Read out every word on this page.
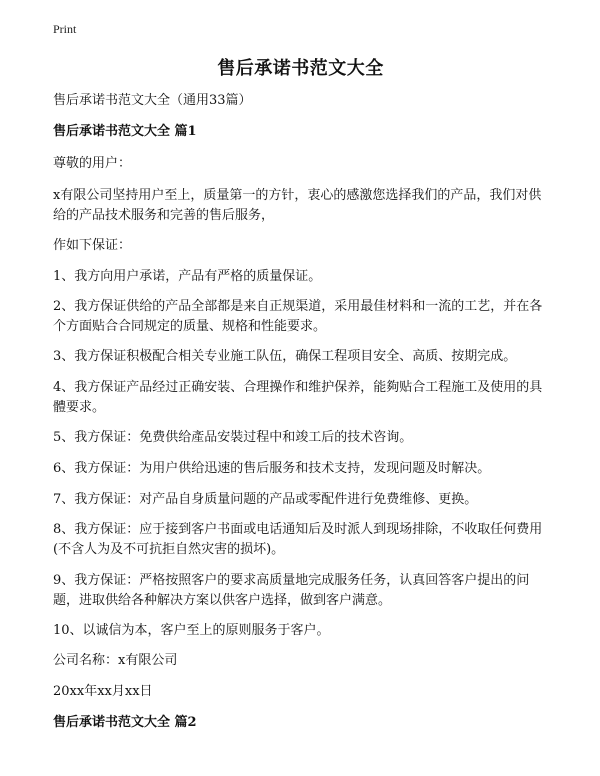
Print
售后承诺书范文大全
售后承诺书范文大全（通用33篇）
售后承诺书范文大全 篇1
尊敬的用户：
x有限公司坚持用户至上，质量第一的方针，衷心的感激您选择我们的产品，我们对供给的产品技术服务和完善的售后服务，
作如下保证：
1、我方向用户承诺，产品有严格的质量保证。
2、我方保证供给的产品全部都是来自正规渠道，采用最佳材料和一流的工艺，并在各个方面贴合合同规定的质量、规格和性能要求。
3、我方保证积极配合相关专业施工队伍，确保工程项目安全、高质、按期完成。
4、我方保证产品经过正确安装、合理操作和维护保养，能夠贴合工程施工及使用的具體要求。
5、我方保证：免费供给產品安裝过程中和竣工后的技术咨询。
6、我方保证：为用户供给迅速的售后服务和技术支持，发现问题及时解决。
7、我方保证：对产品自身质量问题的产品或零配件进行免费维修、更换。
8、我方保证：应于接到客户书面或电话通知后及时派人到现场排除，不收取任何费用(不含人为及不可抗拒自然灾害的损坏)。
9、我方保证：严格按照客户的要求高质量地完成服务任务，认真回答客户提出的问题，进取供给各种解决方案以供客户选择，做到客户满意。
10、以诚信为本，客户至上的原则服务于客户。
公司名称：x有限公司
20xx年xx月xx日
售后承诺书范文大全 篇2
